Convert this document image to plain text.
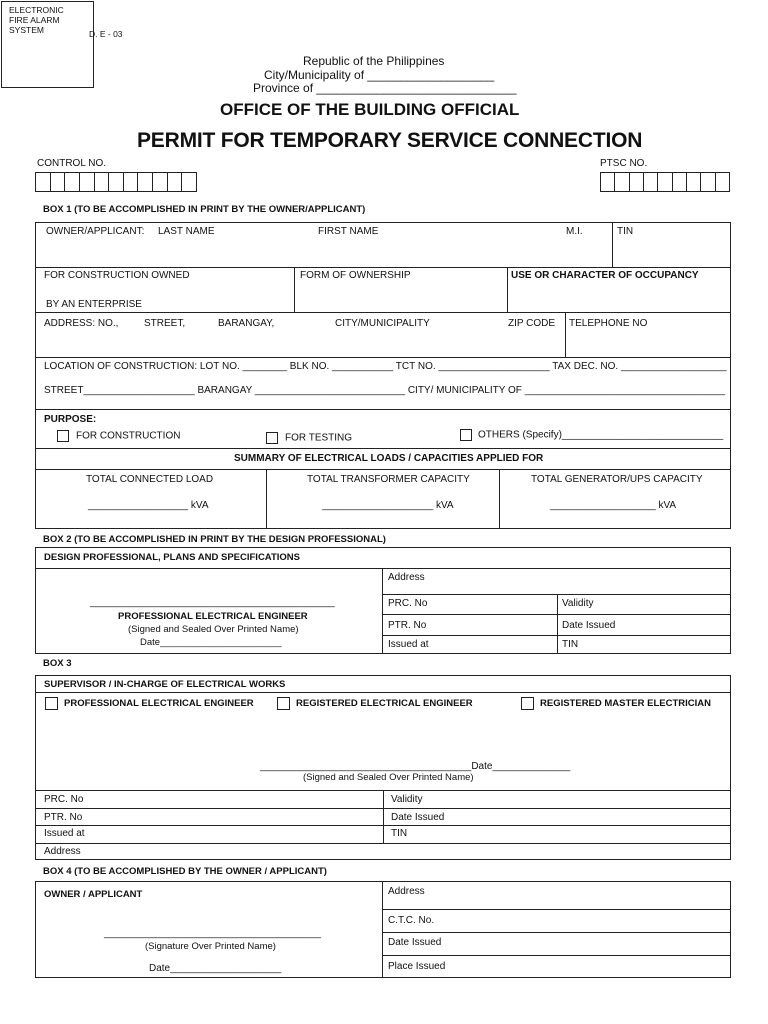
ELECTRONIC
FIRE ALARM
SYSTEM	D. E - 03
Republic of the Philippines
City/Municipality of ___________________
Province of ______________________________
OFFICE OF THE BUILDING OFFICIAL
PERMIT FOR TEMPORARY SERVICE CONNECTION
CONTROL NO.	PTSC NO.
BOX 1 (TO BE ACCOMPLISHED IN PRINT BY THE OWNER/APPLICANT)
OWNER/APPLICANT: LAST NAME	FIRST NAME	M.I.	TIN
FOR CONSTRUCTION OWNED
BY AN ENTERPRISE
FORM OF OWNERSHIP	USE OR CHARACTER OF OCCUPANCY
ADDRESS: NO.,	STREET,	BARANGAY,	CITY/MUNICIPALITY	ZIP CODE TELEPHONE NO
LOCATION OF CONSTRUCTION: LOT NO. ________ BLK NO. ___________ TCT NO. ____________________ TAX DEC. NO. ___________________
STREET____________________ BARANGAY ___________________________ CITY/ MUNICIPALITY OF ____________________________________
PURPOSE:
FOR CONSTRUCTION	FOR TESTING	OTHERS (Specify)_____________________________
SUMMARY OF ELECTRICAL LOADS / CAPACITIES APPLIED FOR
TOTAL CONNECTED LOAD	TOTAL TRANSFORMER CAPACITY	TOTAL GENERATOR/UPS CAPACITY
__________________ kVA	____________________ kVA	___________________ kVA
BOX 2 (TO BE ACCOMPLISHED IN PRINT BY THE DESIGN PROFESSIONAL)
DESIGN PROFESSIONAL, PLANS AND SPECIFICATIONS
____________________________________________
PROFESSIONAL ELECTRICAL ENGINEER
(Signed and Sealed Over Printed Name)
Date_______________________
Address
PRC. No	Validity
PTR. No	Date Issued
Issued at	TIN
BOX 3
SUPERVISOR / IN-CHARGE OF ELECTRICAL WORKS
PROFESSIONAL ELECTRICAL ENGINEER	REGISTERED ELECTRICAL ENGINEER	REGISTERED MASTER ELECTRICIAN
______________________________________Date______________
(Signed and Sealed Over Printed Name)
PRC. No	Validity
PTR. No	Date Issued
Issued at	TIN
Address
BOX 4 (TO BE ACCOMPLISHED BY THE OWNER / APPLICANT)
OWNER / APPLICANT
_______________________________________
(Signature Over Printed Name)
Date____________________
Address
C.T.C. No.
Date Issued
Place Issued
